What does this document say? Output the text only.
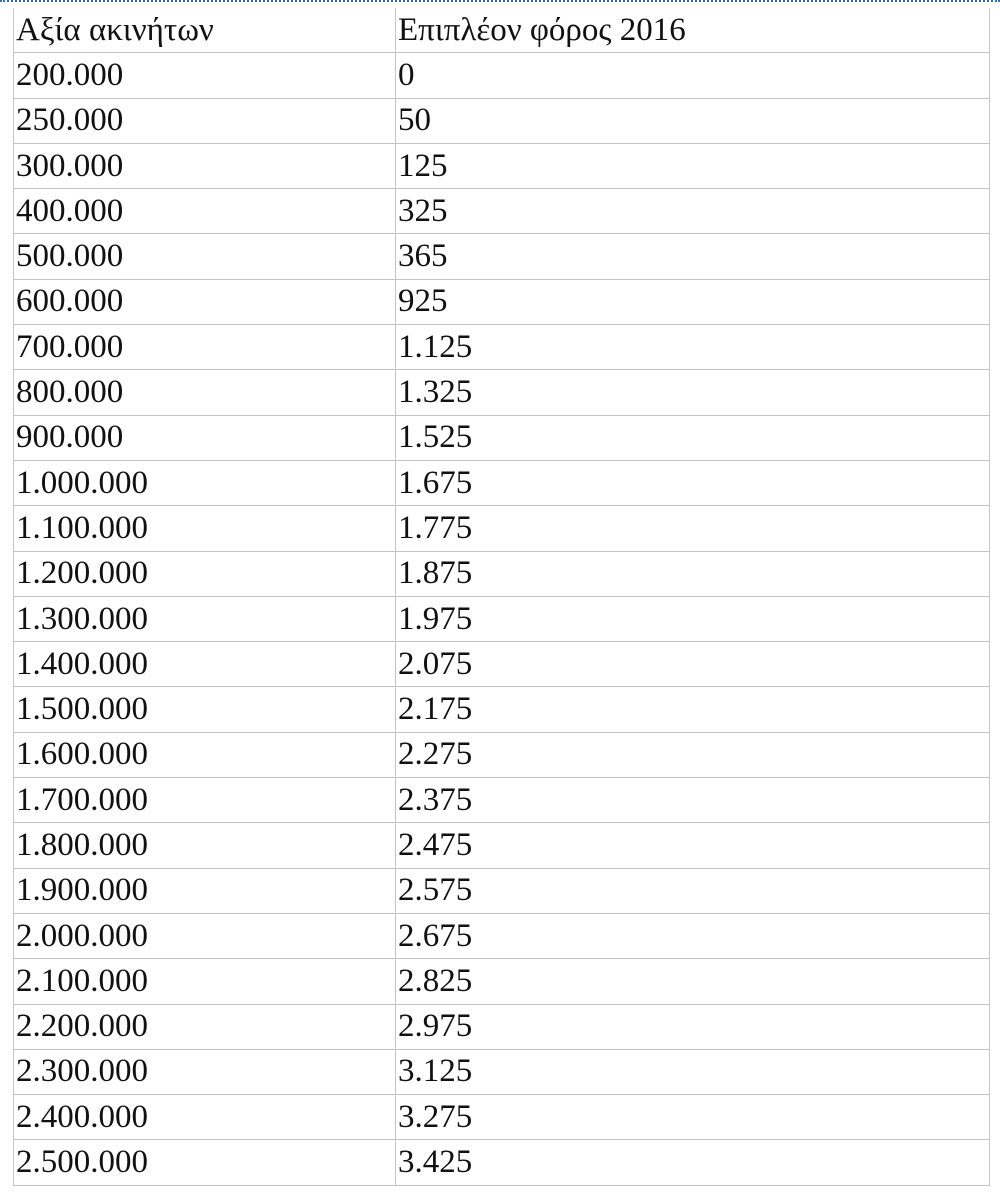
Αξία ακινήτων	Επιπλέον φόρος 2016
200.000	0
250.000	50
300.000	125
400.000	325
500.000	365
600.000	925
700.000	1.125
800.000	1.325
900.000	1.525
1.000.000	1.675
1.100.000	1.775
1.200.000	1.875
1.300.000	1.975
1.400.000	2.075
1.500.000	2.175
1.600.000	2.275
1.700.000	2.375
1.800.000	2.475
1.900.000	2.575
2.000.000	2.675
2.100.000	2.825
2.200.000	2.975
2.300.000	3.125
2.400.000	3.275
2.500.000	3.425
